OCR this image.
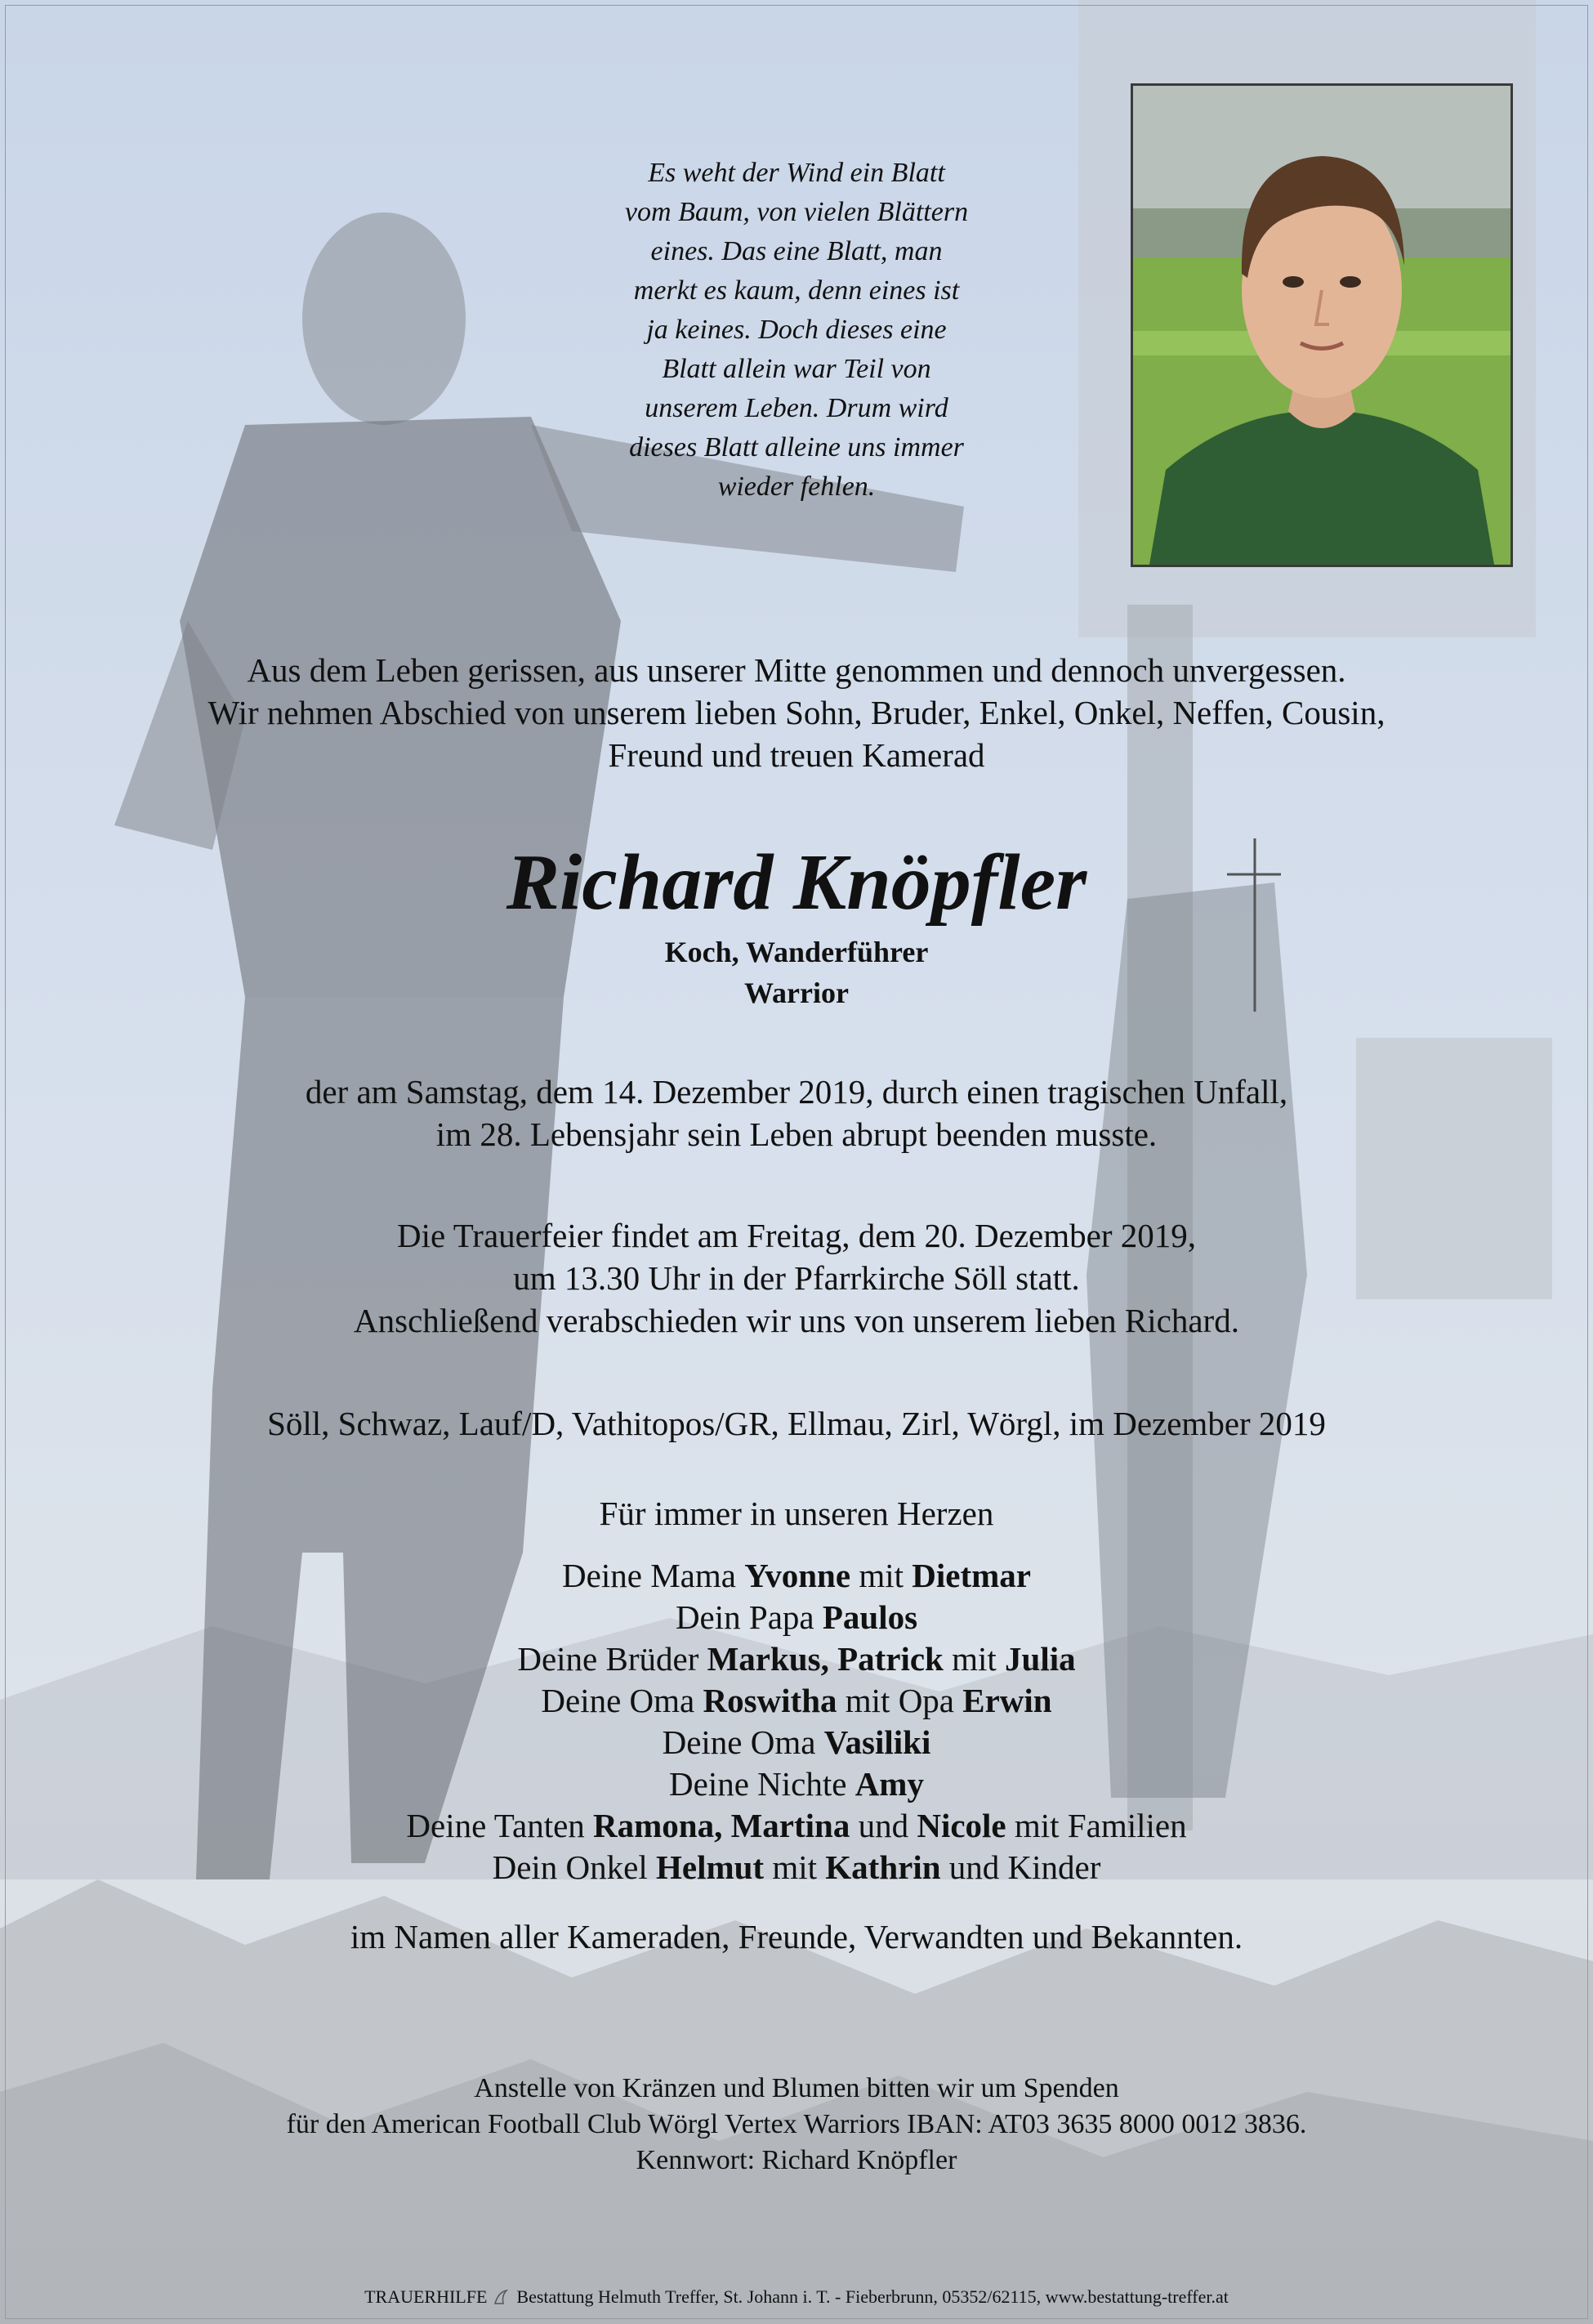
Es weht der Wind ein Blatt
vom Baum, von vielen Blättern
eines. Das eine Blatt, man
merkt es kaum, denn eines ist
ja keines. Doch dieses eine
Blatt allein war Teil von
unserem Leben. Drum wird
dieses Blatt alleine uns immer
wieder fehlen.
Aus dem Leben gerissen, aus unserer Mitte genommen und dennoch unvergessen.
Wir nehmen Abschied von unserem lieben Sohn, Bruder, Enkel, Onkel, Neffen, Cousin,
Freund und treuen Kamerad
Richard Knöpfler
Koch, Wanderführer
Warrior
der am Samstag, dem 14. Dezember 2019, durch einen tragischen Unfall,
im 28. Lebensjahr sein Leben abrupt beenden musste.
Die Trauerfeier findet am Freitag, dem 20. Dezember 2019,
um 13.30 Uhr in der Pfarrkirche Söll statt.
Anschließend verabschieden wir uns von unserem lieben Richard.
Söll, Schwaz, Lauf/D, Vathitopos/GR, Ellmau, Zirl, Wörgl, im Dezember 2019
Für immer in unseren Herzen
Deine Mama Yvonne mit Dietmar
Dein Papa Paulos
Deine Brüder Markus, Patrick mit Julia
Deine Oma Roswitha mit Opa Erwin
Deine Oma Vasiliki
Deine Nichte Amy
Deine Tanten Ramona, Martina und Nicole mit Familien
Dein Onkel Helmut mit Kathrin und Kinder
im Namen aller Kameraden, Freunde, Verwandten und Bekannten.
Anstelle von Kränzen und Blumen bitten wir um Spenden
für den American Football Club Wörgl Vertex Warriors IBAN: AT03 3635 8000 0012 3836.
Kennwort: Richard Knöpfler
TRAUERHILFE Bestattung Helmuth Treffer, St. Johann i. T. - Fieberbrunn, 05352/62115, www.bestattung-treffer.at
